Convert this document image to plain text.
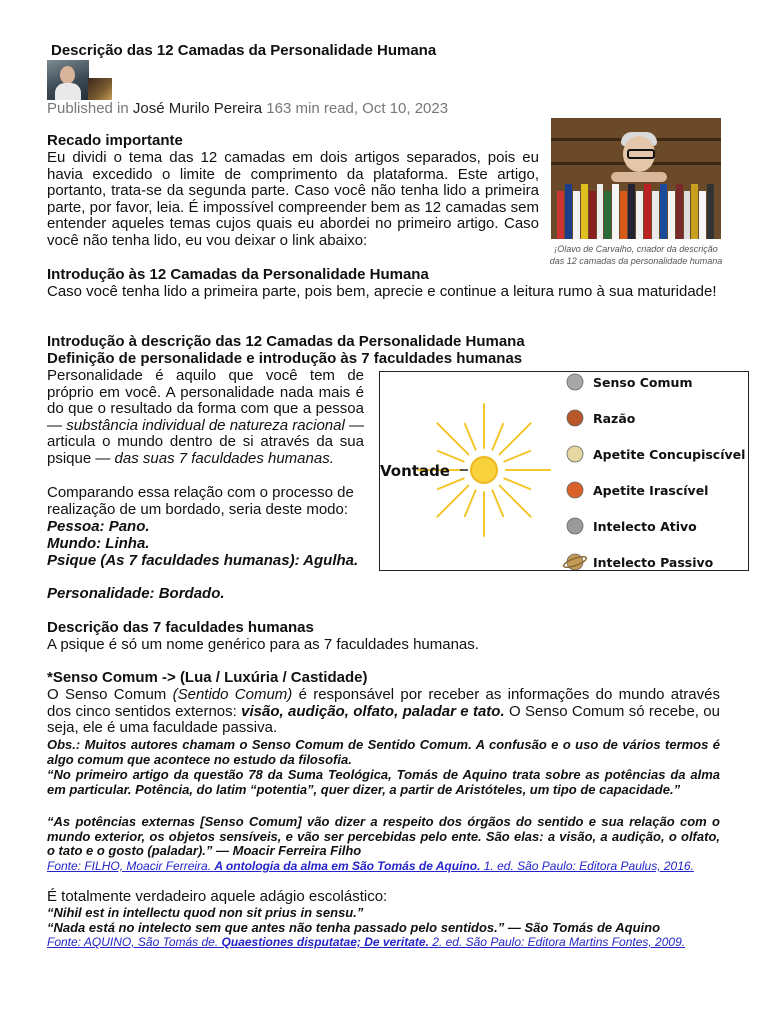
Descrição das 12 Camadas da Personalidade Humana
Published in José Murilo Pereira 163 min read, Oct 10, 2023
¡Olavo de Carvalho, criador da descrição das 12 camadas da personalidade humana
Recado importante
Eu dividi o tema das 12 camadas em dois artigos separados, pois eu havia excedido o limite de comprimento da plataforma. Este artigo, portanto, trata-se da segunda parte. Caso você não tenha lido a primeira parte, por favor, leia. É impossível compreender bem as 12 camadas sem entender aqueles temas cujos quais eu abordei no primeiro artigo. Caso você não tenha lido, eu vou deixar o link abaixo:
Introdução às 12 Camadas da Personalidade Humana
Caso você tenha lido a primeira parte, pois bem, aprecie e continue a leitura rumo à sua maturidade!
Introdução à descrição das 12 Camadas da Personalidade Humana
Definição de personalidade e introdução às 7 faculdades humanas
Personalidade é aquilo que você tem de próprio em você. A personalidade nada mais é do que o resultado da forma com que a pessoa — substância individual de natureza racional — articula o mundo dentro de si através da sua psique — das suas 7 faculdades humanas.
Comparando essa relação com o processo de realização de um bordado, seria deste modo:
Pessoa: Pano.
Mundo: Linha.
Psique (As 7 faculdades humanas): Agulha.
Personalidade: Bordado.
Vontade
Senso Comum
Razão
Apetite Concupiscível
Apetite Irascível
Intelecto Ativo
Intelecto Passivo
Descrição das 7 faculdades humanas
A psique é só um nome genérico para as 7 faculdades humanas.
*Senso Comum -> (Lua / Luxúria / Castidade)
O Senso Comum (Sentido Comum) é responsável por receber as informações do mundo através dos cinco sentidos externos: visão, audição, olfato, paladar e tato. O Senso Comum só recebe, ou seja, ele é uma faculdade passiva.
Obs.: Muitos autores chamam o Senso Comum de Sentido Comum. A confusão e o uso de vários termos é algo comum que acontece no estudo da filosofia.
“No primeiro artigo da questão 78 da Suma Teológica, Tomás de Aquino trata sobre as potências da alma em particular. Potência, do latim “potentia”, quer dizer, a partir de Aristóteles, um tipo de capacidade.”
“As potências externas [Senso Comum] vão dizer a respeito dos órgãos do sentido e sua relação com o mundo exterior, os objetos sensíveis, e vão ser percebidas pelo ente. São elas: a visão, a audição, o olfato, o tato e o gosto (paladar).” — Moacir Ferreira Filho
Fonte: FILHO, Moacir Ferreira. A ontologia da alma em São Tomás de Aquino. 1. ed. São Paulo: Editora Paulus, 2016.
É totalmente verdadeiro aquele adágio escolástico:
“Nihil est in intellectu quod non sit prius in sensu.”
“Nada está no intelecto sem que antes não tenha passado pelo sentidos.” — São Tomás de Aquino
Fonte: AQUINO, São Tomás de. Quaestiones disputatae; De veritate. 2. ed. São Paulo: Editora Martins Fontes, 2009.
